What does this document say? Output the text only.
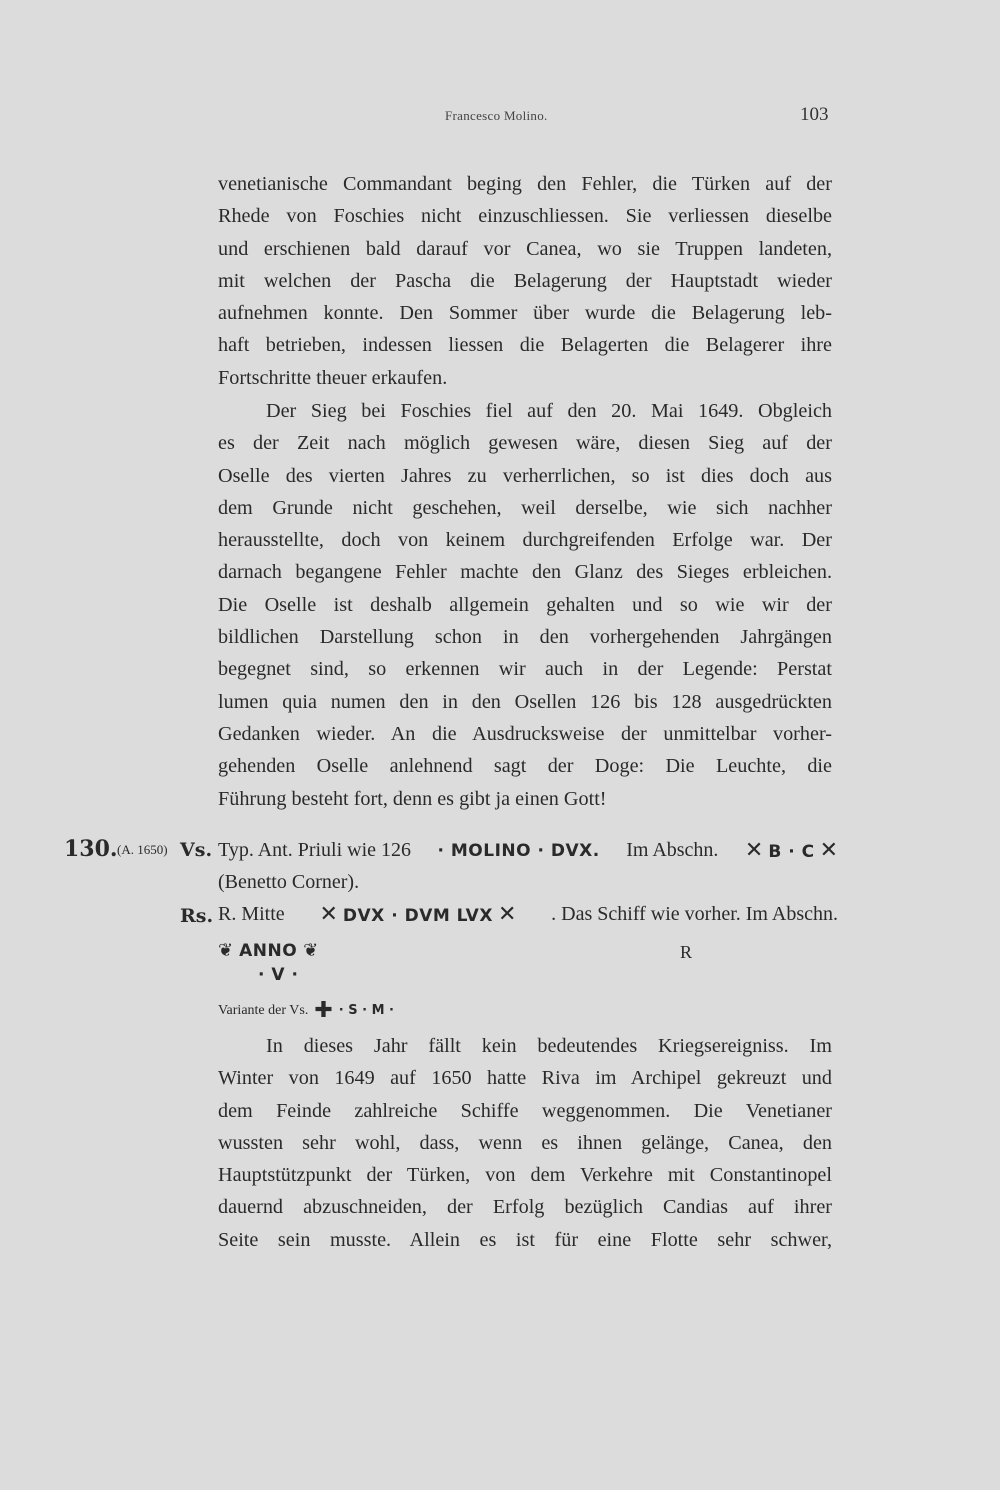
Francesco Molino.	103
venetianische Commandant beging den Fehler, die Türken auf der
Rhede von Foschies nicht einzuschliessen. Sie verliessen dieselbe
und erschienen bald darauf vor Canea, wo sie Truppen landeten,
mit welchen der Pascha die Belagerung der Hauptstadt wieder
aufnehmen konnte. Den Sommer über wurde die Belagerung leb-
haft betrieben, indessen liessen die Belagerten die Belagerer ihre
Fortschritte theuer erkaufen.
Der Sieg bei Foschies fiel auf den 20. Mai 1649. Obgleich
es der Zeit nach möglich gewesen wäre, diesen Sieg auf der
Oselle des vierten Jahres zu verherrlichen, so ist dies doch aus
dem Grunde nicht geschehen, weil derselbe, wie sich nachher
herausstellte, doch von keinem durchgreifenden Erfolge war. Der
darnach begangene Fehler machte den Glanz des Sieges erbleichen.
Die Oselle ist deshalb allgemein gehalten und so wie wir der
bildlichen Darstellung schon in den vorhergehenden Jahrgängen
begegnet sind, so erkennen wir auch in der Legende: Perstat
lumen quia numen den in den Osellen 126 bis 128 ausgedrückten
Gedanken wieder. An die Ausdrucksweise der unmittelbar vorher-
gehenden Oselle anlehnend sagt der Doge: Die Leuchte, die
Führung besteht fort, denn es gibt ja einen Gott!
130. (A. 1650) Vs. Typ. Ant. Priuli wie 126 · MOLINO · DVX. Im Abschn. ✕ B · C ✕
(Benetto Corner).
Rs. R. Mitte ✕ DVX · DVM LVX ✕ . Das Schiff wie vorher. Im Abschn.
❦ ANNO ❦
· V ·
R
Variante der Vs. ✚ · S · M ·
In dieses Jahr fällt kein bedeutendes Kriegsereigniss. Im
Winter von 1649 auf 1650 hatte Riva im Archipel gekreuzt und
dem Feinde zahlreiche Schiffe weggenommen. Die Venetianer
wussten sehr wohl, dass, wenn es ihnen gelänge, Canea, den
Hauptstützpunkt der Türken, von dem Verkehre mit Constantinopel
dauernd abzuschneiden, der Erfolg bezüglich Candias auf ihrer
Seite sein musste. Allein es ist für eine Flotte sehr schwer,
